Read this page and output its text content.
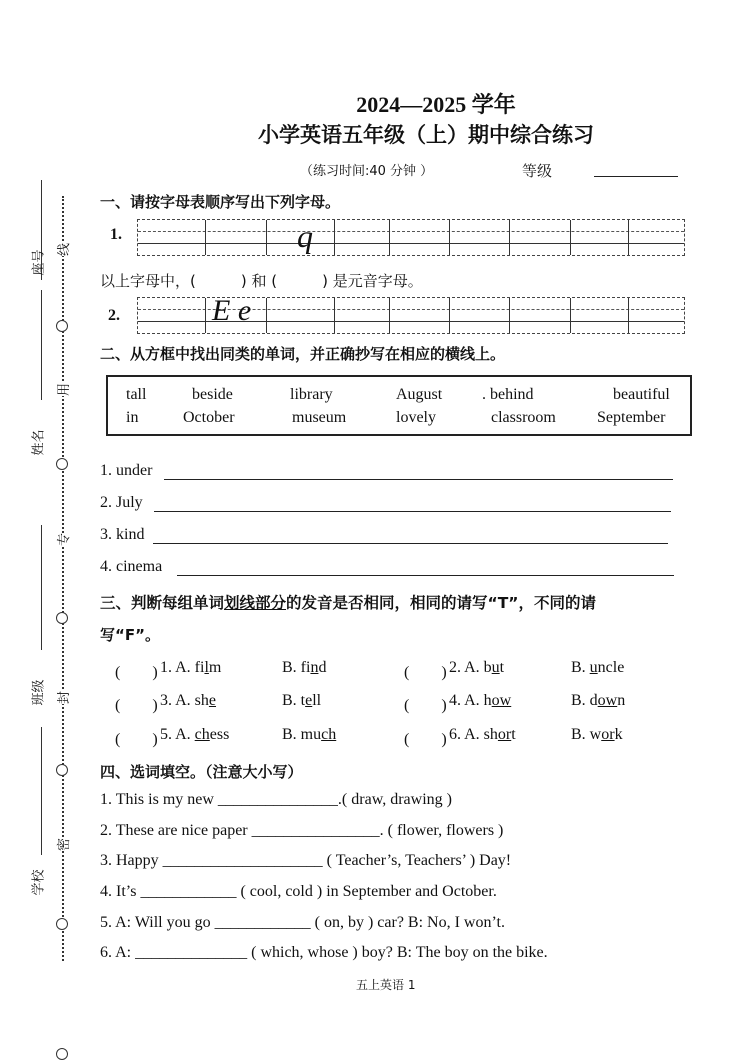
座号
姓名
班级
学校
线
用
专
封
密
2024—2025 学年
小学英语五年级（上）期中综合练习
（练习时间:40 分钟 ）	等级
一、请按字母表顺序写出下列字母。
1.	q
以上字母中，(　　　) 和 (　　　) 是元音字母。
2.	E e
二、从方框中找出同类的单词，并正确抄写在相应的横线上。
tall	beside	library	August . behind	beautiful
in	October	museum	lovely	classroom	September
1. under
2. July
3. kind
4. cinema
三、判断每组单词划线部分的发音是否相同，相同的请写“T”，不同的请
写“F”。
(　　) 1. A. film	B. find	(　　) 2. A. but	B. uncle
(　　) 3. A. she	B. tell	(　　) 4. A. how	B. down
(　　) 5. A. chess	B. much	(　　) 6. A. short	B. work
四、选词填空。（注意大小写）
1. This is my new _______________.( draw, drawing )
2. These are nice paper ________________. ( flower, flowers )
3. Happy ____________________ ( Teacher’s, Teachers’ ) Day!
4. It’s ____________ ( cool, cold ) in September and October.
5. A: Will you go ____________ ( on, by ) car? B: No, I won’t.
6. A: ______________ ( which, whose ) boy? B: The boy on the bike.
五上英语 1
